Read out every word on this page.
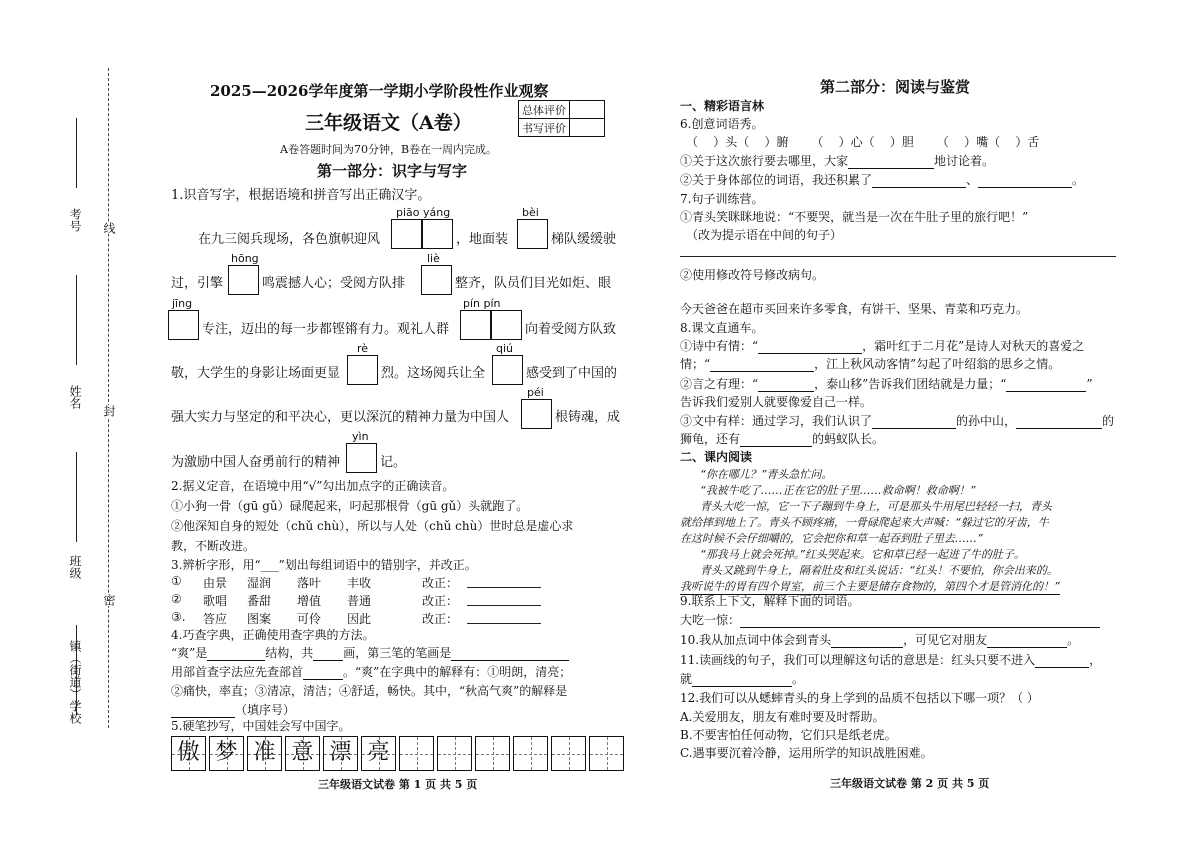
考号
姓名
班级
镇（街道）学校
线
封
密
2025—2026学年度第一学期小学阶段性作业观察
三年级语文（A卷）
总体评价	
书写评价	
A卷答题时间为70分钟，B卷在一周内完成。
第一部分：识字与写字
1.识音写字，根据语境和拼音写出正确汉字。
piāo yáng	bèi
在九三阅兵现场，各色旗帜迎风	，地面装	梯队缓缓驶
hōng	liè
过，引擎	鸣震撼人心；受阅方队排	整齐，队员们目光如炬、眼
jīng	pín pín
专注，迈出的每一步都铿锵有力。观礼人群	向着受阅方队致
rè	qiú
敬，大学生的身影让场面更显	烈。这场阅兵让全	感受到了中国的
péi
强大实力与坚定的和平决心，更以深沉的精神力量为中国人	根铸魂，成
yìn
为激励中国人奋勇前行的精神	记。
2.据义定音，在语境中用“√”勾出加点字的正确读音。
①小狗一骨（gū gǔ）碌爬起来，叼起那根骨（gū gǔ）头就跑了。
②他深知自身的短处（chǔ chù），所以与人处（chǔ chù）世时总是虚心求
教，不断改进。
3.辨析字形，用“___”划出每组词语中的错别字，并改正。
① 由景 湿润 落叶 丰收	改正：
② 歌唱 番甜 增值 普通	改正：
③. 答应 图案 可伶 因此	改正：
4.巧查字典，正确使用查字典的方法。
“爽”是	结构，共	画，第三笔的笔画是
用部首查字法应先查部首	。“爽”在字典中的解释有：①明朗，清亮；
②痛快，率直；③清凉，清洁；④舒适，畅快。其中，“秋高气爽”的解释是
（填序号）
5.硬笔抄写，中国娃会写中国字。
傲 梦 准 意 漂 亮
三年级语文试卷 第 1 页 共 5 页
第二部分：阅读与鉴赏
一、精彩语言林
6.创意词语秀。
（    ）头（    ）腑      （    ）心（    ）胆      （    ）嘴（    ）舌
①关于这次旅行要去哪里，大家	地讨论着。
②关于身体部位的词语，我还积累了	、	。
7.句子训练营。
①青头笑眯眯地说：“不要哭，就当是一次在牛肚子里的旅行吧！”
（改为提示语在中间的句子）
②使用修改符号修改病句。
今天爸爸在超市买回来许多零食，有饼干、坚果、青菜和巧克力。
8.课文直通车。
①诗中有情：“	，霜叶红于二月花”是诗人对秋天的喜爱之
情；“	，江上秋风动客情”勾起了叶绍翁的思乡之情。
②言之有理：“	，泰山移”告诉我们团结就是力量；“	”
告诉我们爱别人就要像爱自己一样。
③文中有样：通过学习，我们认识了	的孙中山，	的
狮龟，还有	的蚂蚁队长。
二、课内阅读
“你在哪儿？”青头急忙问。
“我被牛吃了……正在它的肚子里……救命啊！救命啊！”
青头大吃一惊，它一下子蹦到牛身上，可是那头牛用尾巴轻轻一扫，青头
就给摔到地上了。青头不顾疼痛，一骨碌爬起来大声喊：“躲过它的牙齿，牛
在这时候不会仔细嚼的，它会把你和草一起吞到肚子里去……”
“那我马上就会死掉。”红头哭起来。它和草已经一起进了牛的肚子。
青头又跳到牛身上，隔着肚皮和红头说话：“红头！不要怕，你会出来的。
我听说牛的胃有四个胃室，前三个主要是储存食物的，第四个才是管消化的！”
9.联系上下文，解释下面的词语。
大吃一惊：
10.我从加点词中体会到青头	，可见它对朋友	。
11.读画线的句子，我们可以理解这句话的意思是：红头只要不进入	，
就	。
12.我们可以从蟋蟀青头的身上学到的品质不包括以下哪一项？（ ）
A.关爱朋友，朋友有难时要及时帮助。
B.不要害怕任何动物，它们只是纸老虎。
C.遇事要沉着冷静，运用所学的知识战胜困难。
三年级语文试卷 第 2 页 共 5 页
